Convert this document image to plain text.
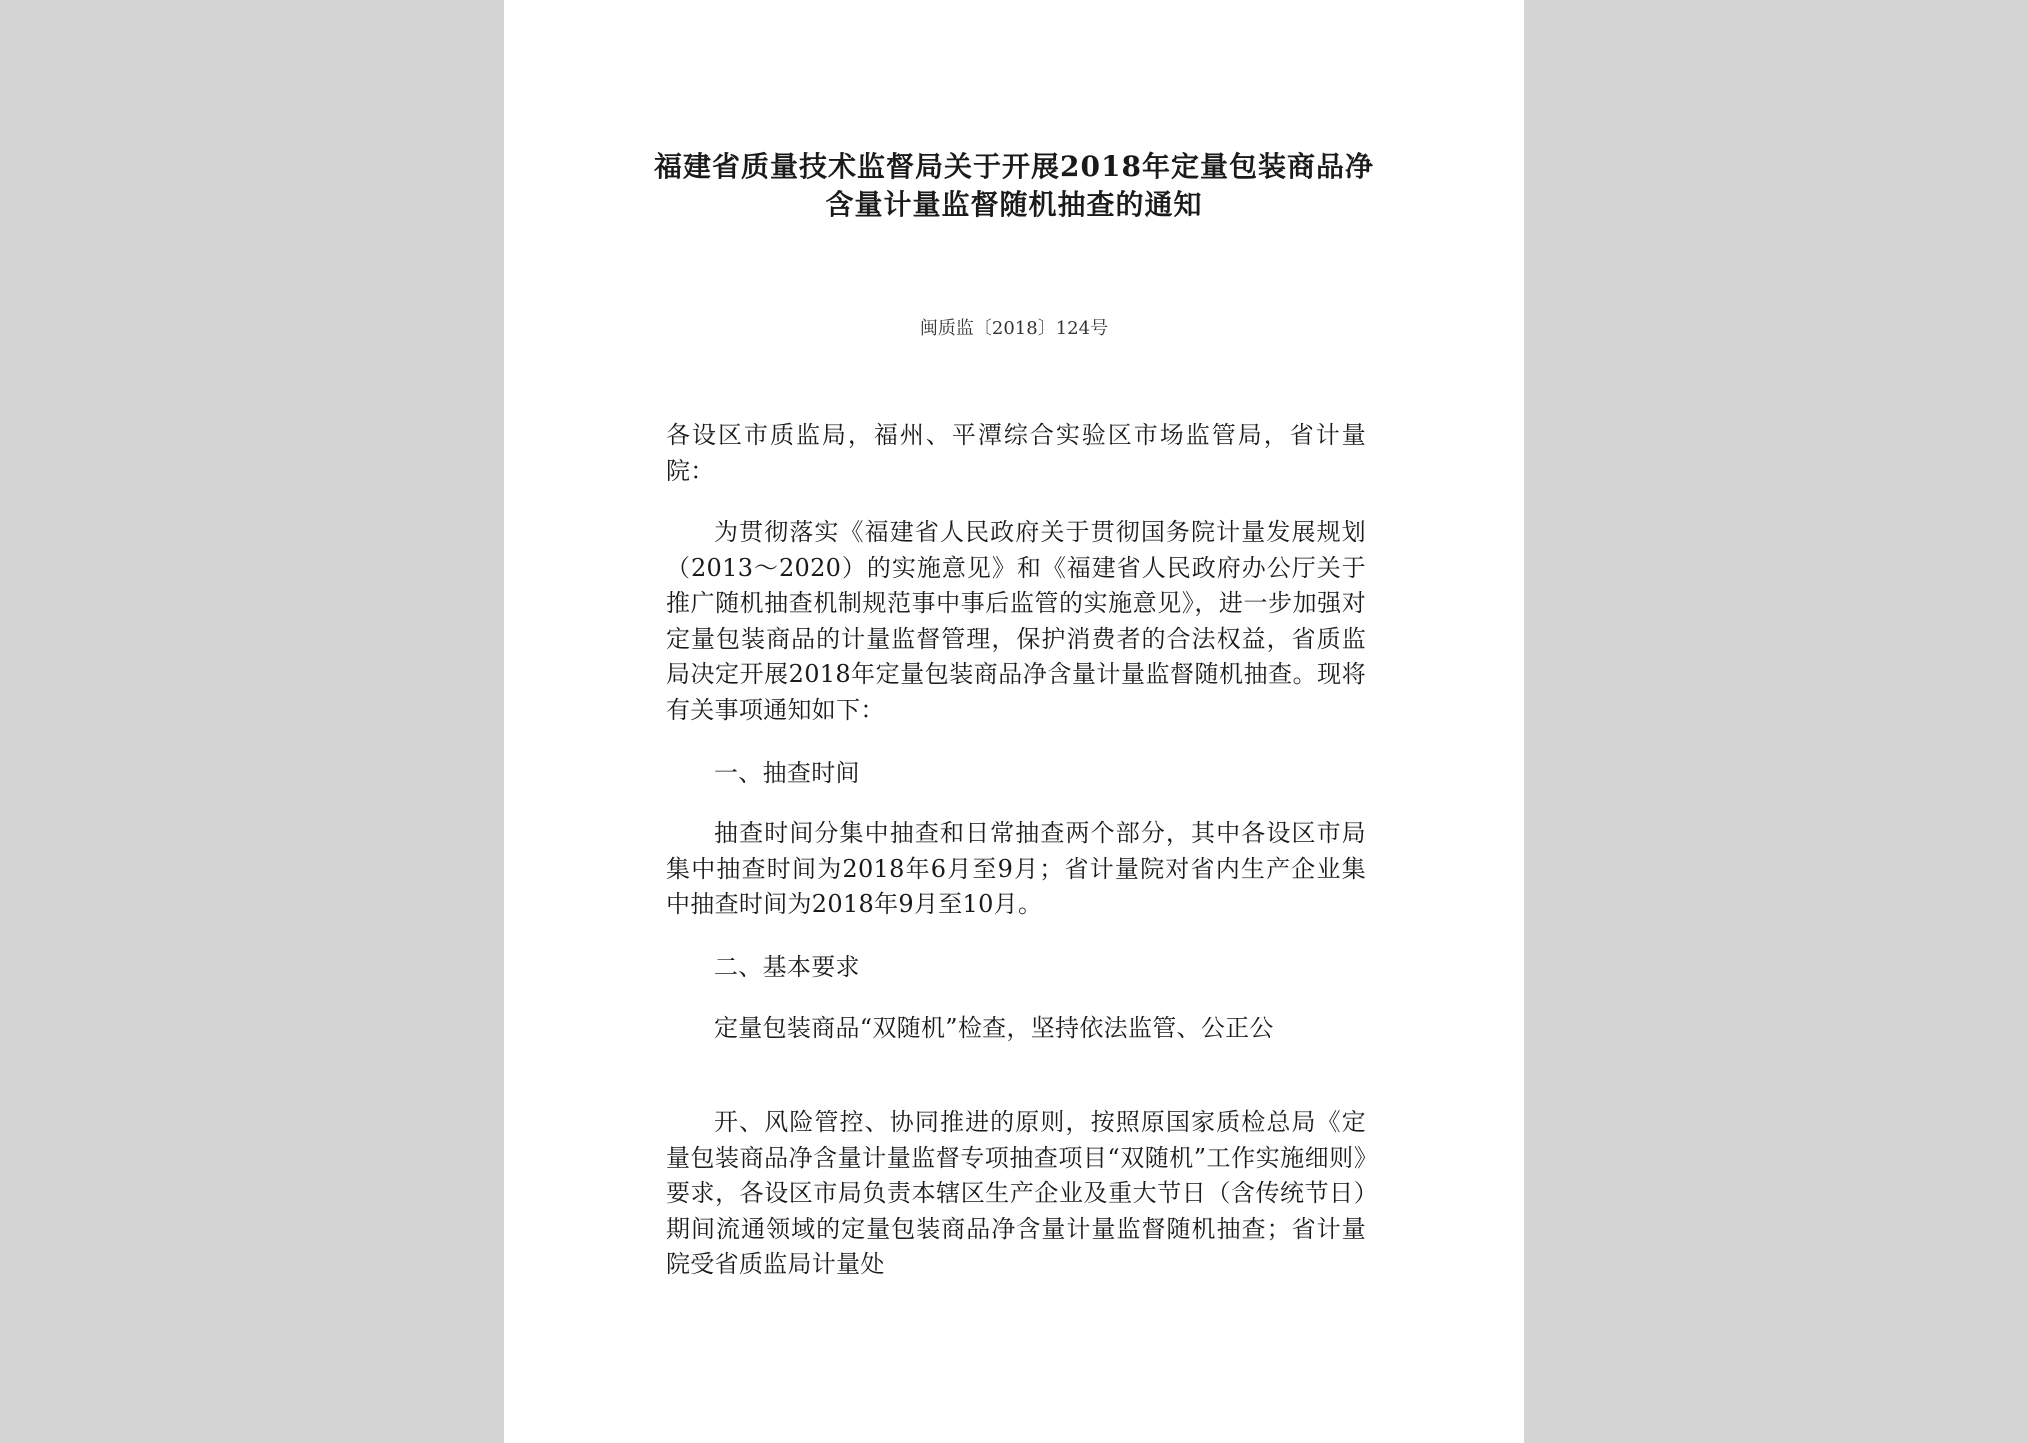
福建省质量技术监督局关于开展2018年定量包装商品净含量计量监督随机抽查的通知
闽质监〔2018〕124号

各设区市质监局，福州、平潭综合实验区市场监管局，省计量院：

为贯彻落实《福建省人民政府关于贯彻国务院计量发展规划（2013～2020）的实施意见》和《福建省人民政府办公厅关于推广随机抽查机制规范事中事后监管的实施意见》，进一步加强对定量包装商品的计量监督管理，保护消费者的合法权益，省质监局决定开展2018年定量包装商品净含量计量监督随机抽查。现将有关事项通知如下：

一、抽查时间

抽查时间分集中抽查和日常抽查两个部分，其中各设区市局集中抽查时间为2018年6月至9月；省计量院对省内生产企业集中抽查时间为2018年9月至10月。

二、基本要求

定量包装商品“双随机”检查，坚持依法监管、公正公

开、风险管控、协同推进的原则，按照原国家质检总局《定量包装商品净含量计量监督专项抽查项目“双随机”工作实施细则》要求，各设区市局负责本辖区生产企业及重大节日（含传统节日）期间流通领域的定量包装商品净含量计量监督随机抽查；省计量院受省质监局计量处
